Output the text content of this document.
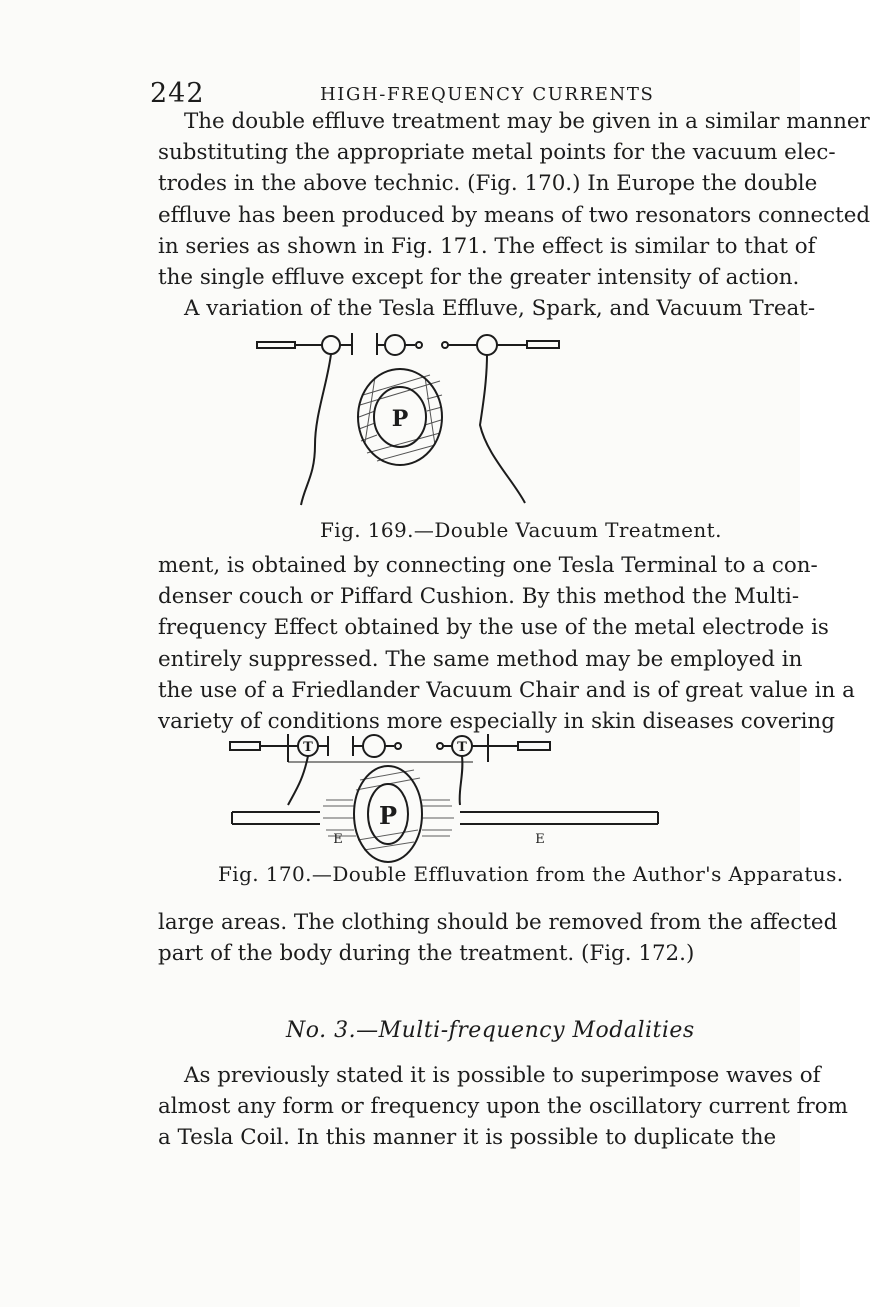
242	HIGH-FREQUENCY CURRENTS
The double effluve treatment may be given in a similar manner
substituting the appropriate metal points for the vacuum elec-
trodes in the above technic. (Fig. 170.) In Europe the double
effluve has been produced by means of two resonators connected
in series as shown in Fig. 171. The effect is similar to that of
the single effluve except for the greater intensity of action.
A variation of the Tesla Effluve, Spark, and Vacuum Treat-
P
Fig. 169.—Double Vacuum Treatment.
ment, is obtained by connecting one Tesla Terminal to a con-
denser couch or Piffard Cushion. By this method the Multi-
frequency Effect obtained by the use of the metal electrode is
entirely suppressed. The same method may be employed in
the use of a Friedlander Vacuum Chair and is of great value in a
variety of conditions more especially in skin diseases covering
T	T
P
E	E
Fig. 170.—Double Effluvation from the Author's Apparatus.
large areas. The clothing should be removed from the affected
part of the body during the treatment. (Fig. 172.)
No. 3.—Multi-frequency Modalities
As previously stated it is possible to superimpose waves of
almost any form or frequency upon the oscillatory current from
a Tesla Coil. In this manner it is possible to duplicate the
